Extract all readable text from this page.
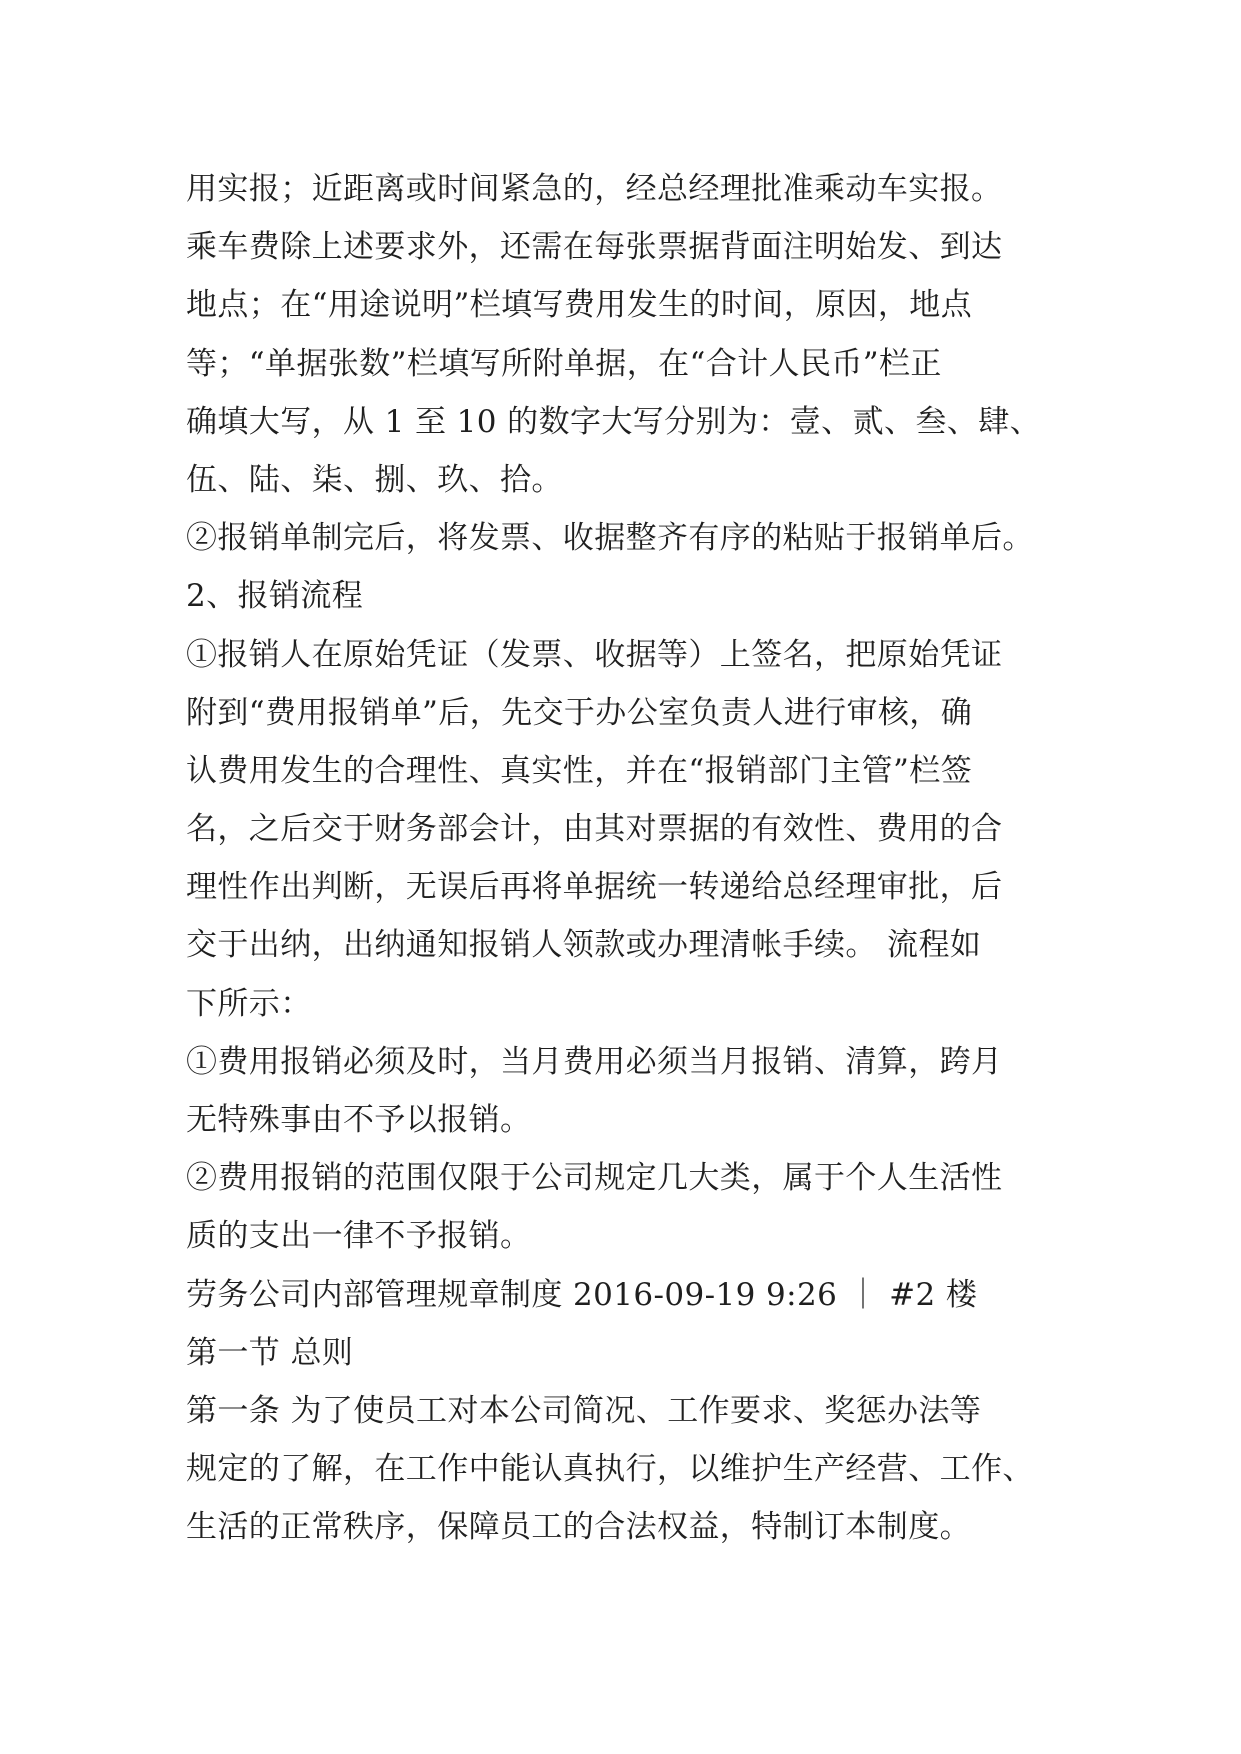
用实报；近距离或时间紧急的，经总经理批准乘动车实报。
乘车费除上述要求外，还需在每张票据背面注明始发、到达
地点；在“用途说明”栏填写费用发生的时间，原因，地点
等；“单据张数”栏填写所附单据，在“合计人民币”栏正
确填大写，从 1 至 10 的数字大写分别为：壹、贰、叁、肆、
伍、陆、柒、捌、玖、拾。
②报销单制完后，将发票、收据整齐有序的粘贴于报销单后。
2、报销流程
①报销人在原始凭证（发票、收据等）上签名，把原始凭证
附到“费用报销单”后，先交于办公室负责人进行审核，确
认费用发生的合理性、真实性，并在“报销部门主管”栏签
名，之后交于财务部会计，由其对票据的有效性、费用的合
理性作出判断，无误后再将单据统一转递给总经理审批，后
交于出纳，出纳通知报销人领款或办理清帐手续。 流程如
下所示：
①费用报销必须及时，当月费用必须当月报销、清算，跨月
无特殊事由不予以报销。
②费用报销的范围仅限于公司规定几大类，属于个人生活性
质的支出一律不予报销。
劳务公司内部管理规章制度 2016-09-19 9:26 ｜ #2 楼
第一节 总则
第一条 为了使员工对本公司简况、工作要求、奖惩办法等
规定的了解，在工作中能认真执行，以维护生产经营、工作、
生活的正常秩序，保障员工的合法权益，特制订本制度。
